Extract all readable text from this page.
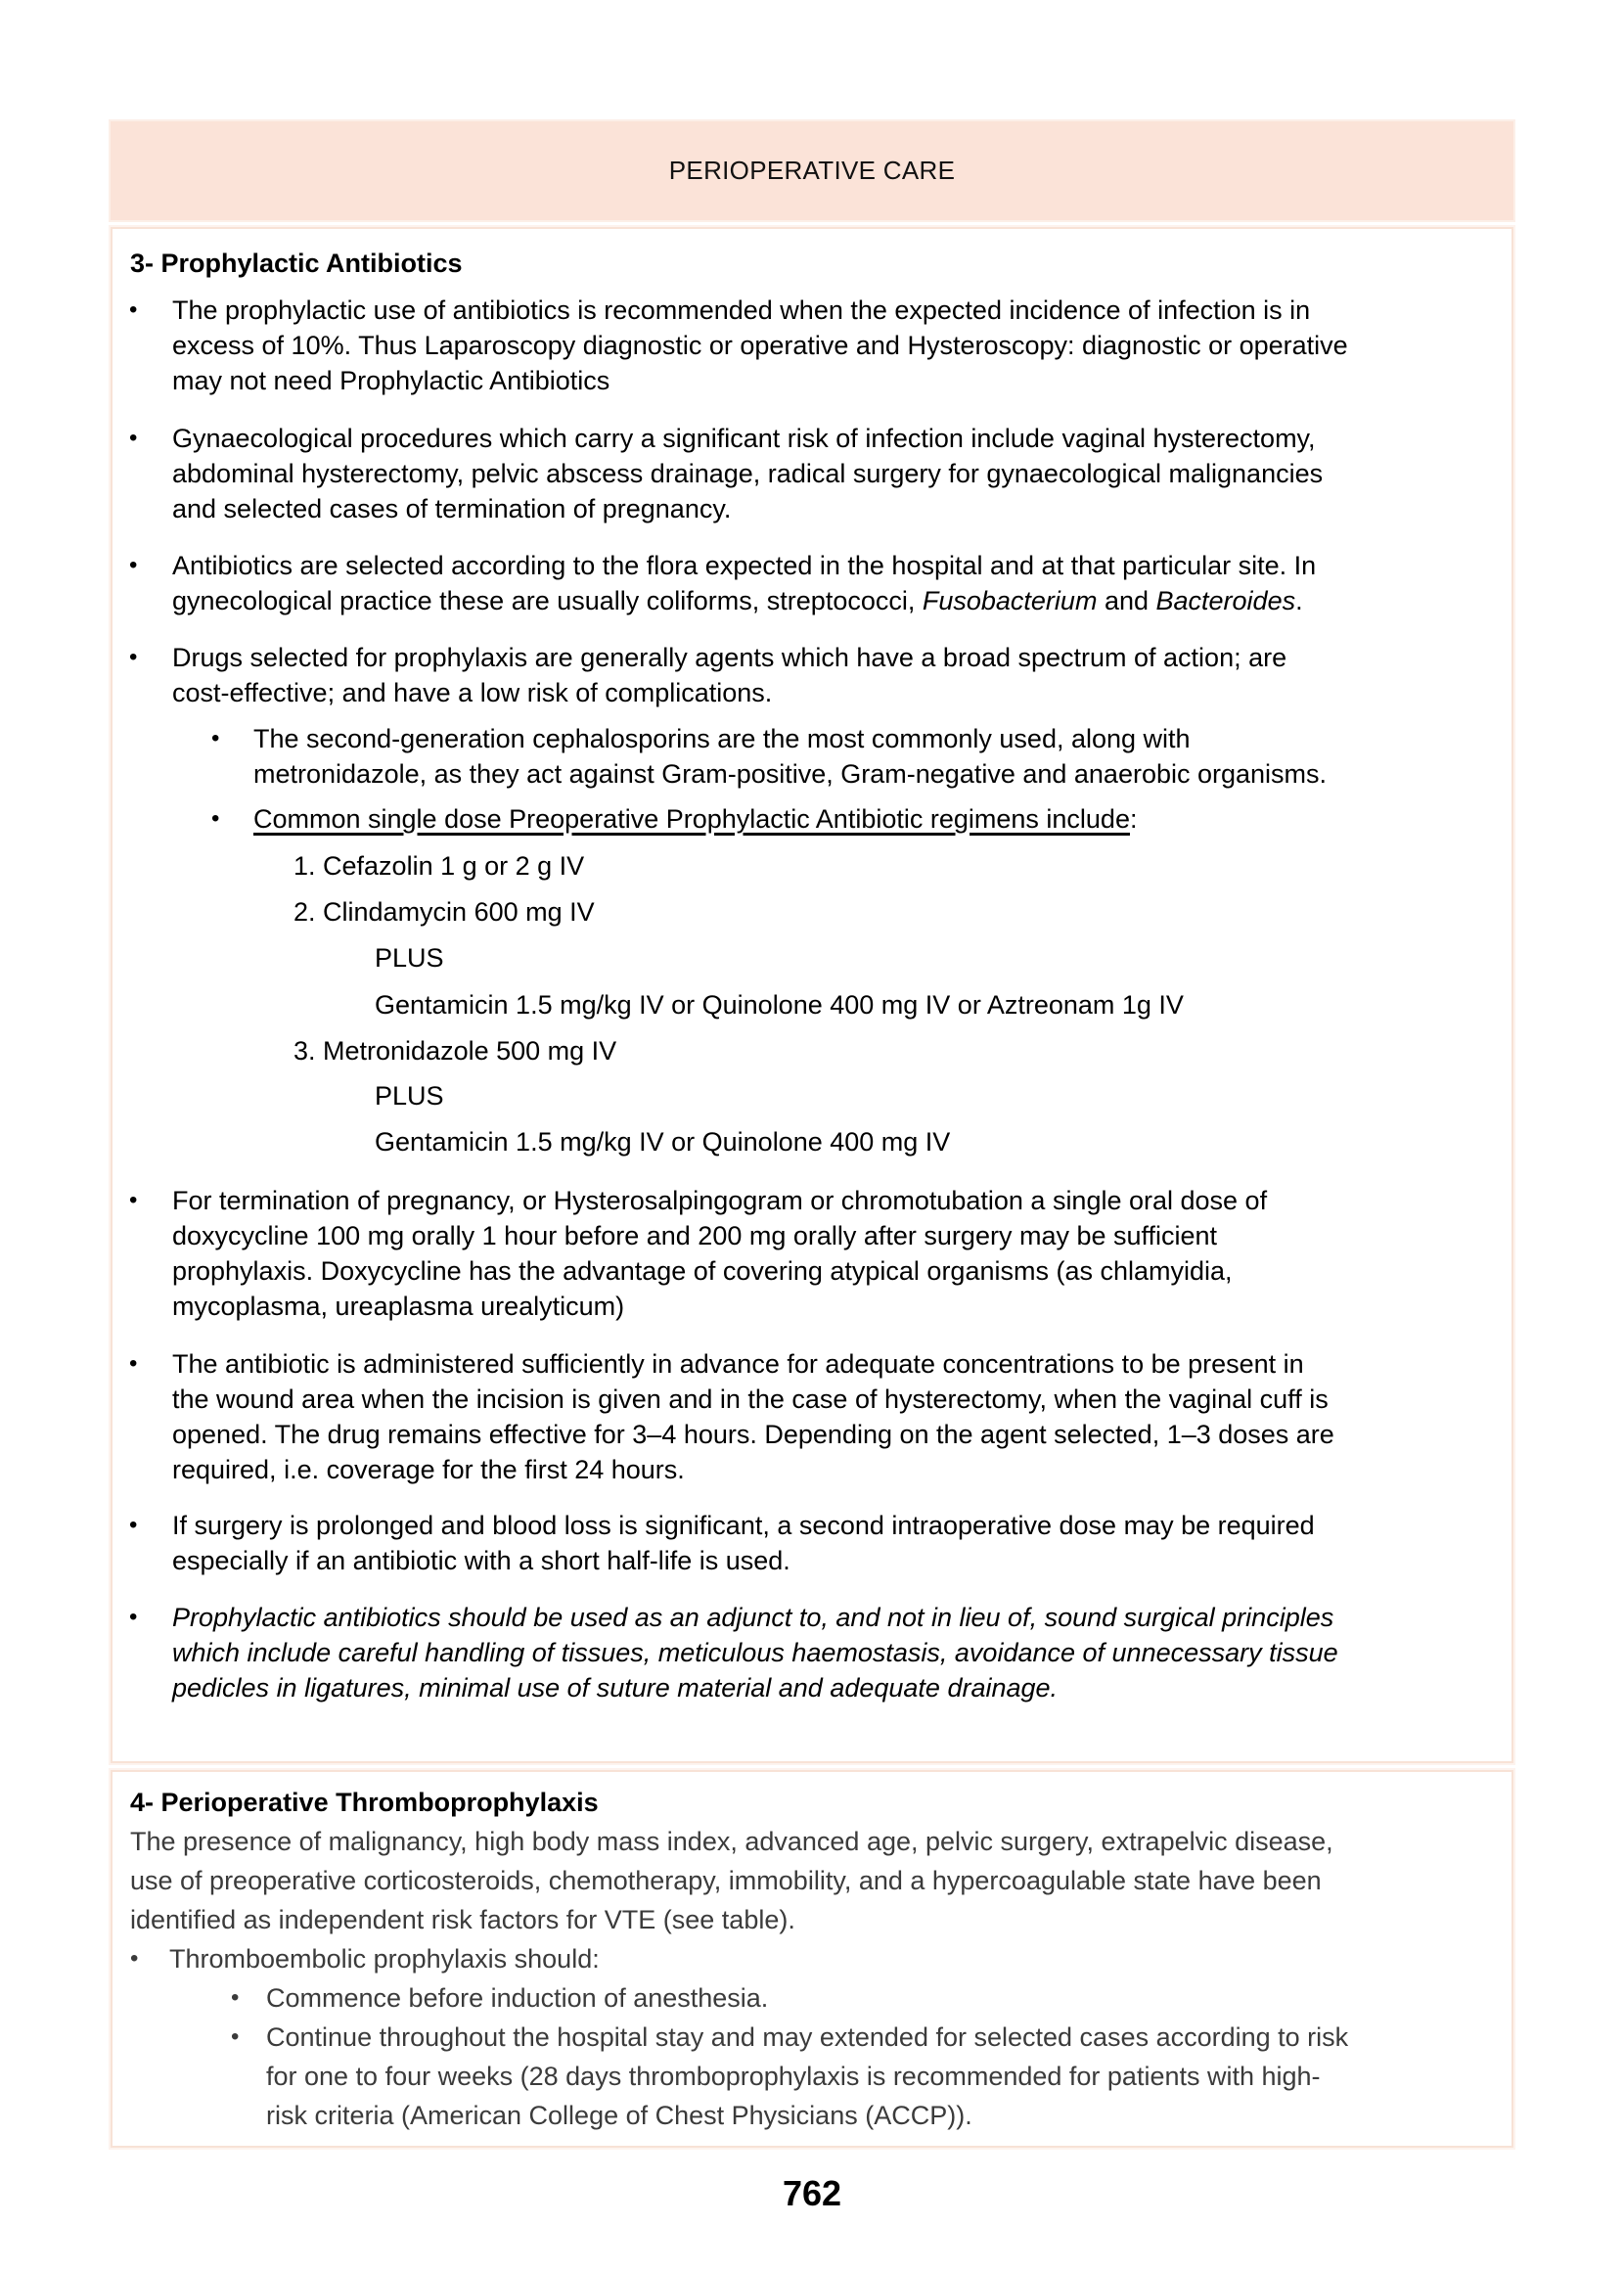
PERIOPERATIVE CARE
3- Prophylactic Antibiotics
• The prophylactic use of antibiotics is recommended when the expected incidence of infection is in
excess of 10%. Thus Laparoscopy diagnostic or operative and Hysteroscopy: diagnostic or operative
may not need Prophylactic Antibiotics
• Gynaecological procedures which carry a significant risk of infection include vaginal hysterectomy,
abdominal hysterectomy, pelvic abscess drainage, radical surgery for gynaecological malignancies
and selected cases of termination of pregnancy.
• Antibiotics are selected according to the flora expected in the hospital and at that particular site. In
gynecological practice these are usually coliforms, streptococci, Fusobacterium and Bacteroides.
• Drugs selected for prophylaxis are generally agents which have a broad spectrum of action; are
cost-effective; and have a low risk of complications.
• The second-generation cephalosporins are the most commonly used, along with
metronidazole, as they act against Gram-positive, Gram-negative and anaerobic organisms.
• Common single dose Preoperative Prophylactic Antibiotic regimens include:
1. Cefazolin 1 g or 2 g IV
2. Clindamycin 600 mg IV
PLUS
Gentamicin 1.5 mg/kg IV or Quinolone 400 mg IV or Aztreonam 1g IV
3. Metronidazole 500 mg IV
PLUS
Gentamicin 1.5 mg/kg IV or Quinolone 400 mg IV
• For termination of pregnancy, or Hysterosalpingogram or chromotubation a single oral dose of
doxycycline 100 mg orally 1 hour before and 200 mg orally after surgery may be sufficient
prophylaxis. Doxycycline has the advantage of covering atypical organisms (as chlamyidia,
mycoplasma, ureaplasma urealyticum)
• The antibiotic is administered sufficiently in advance for adequate concentrations to be present in
the wound area when the incision is given and in the case of hysterectomy, when the vaginal cuff is
opened. The drug remains effective for 3–4 hours. Depending on the agent selected, 1–3 doses are
required, i.e. coverage for the first 24 hours.
• If surgery is prolonged and blood loss is significant, a second intraoperative dose may be required
especially if an antibiotic with a short half-life is used.
• Prophylactic antibiotics should be used as an adjunct to, and not in lieu of, sound surgical principles
which include careful handling of tissues, meticulous haemostasis, avoidance of unnecessary tissue
pedicles in ligatures, minimal use of suture material and adequate drainage.
4- Perioperative Thromboprophylaxis
The presence of malignancy, high body mass index, advanced age, pelvic surgery, extrapelvic disease,
use of preoperative corticosteroids, chemotherapy, immobility, and a hypercoagulable state have been
identified as independent risk factors for VTE (see table).
• Thromboembolic prophylaxis should:
• Commence before induction of anesthesia.
• Continue throughout the hospital stay and may extended for selected cases according to risk
for one to four weeks (28 days thromboprophylaxis is recommended for patients with high-
risk criteria (American College of Chest Physicians (ACCP)).
762
